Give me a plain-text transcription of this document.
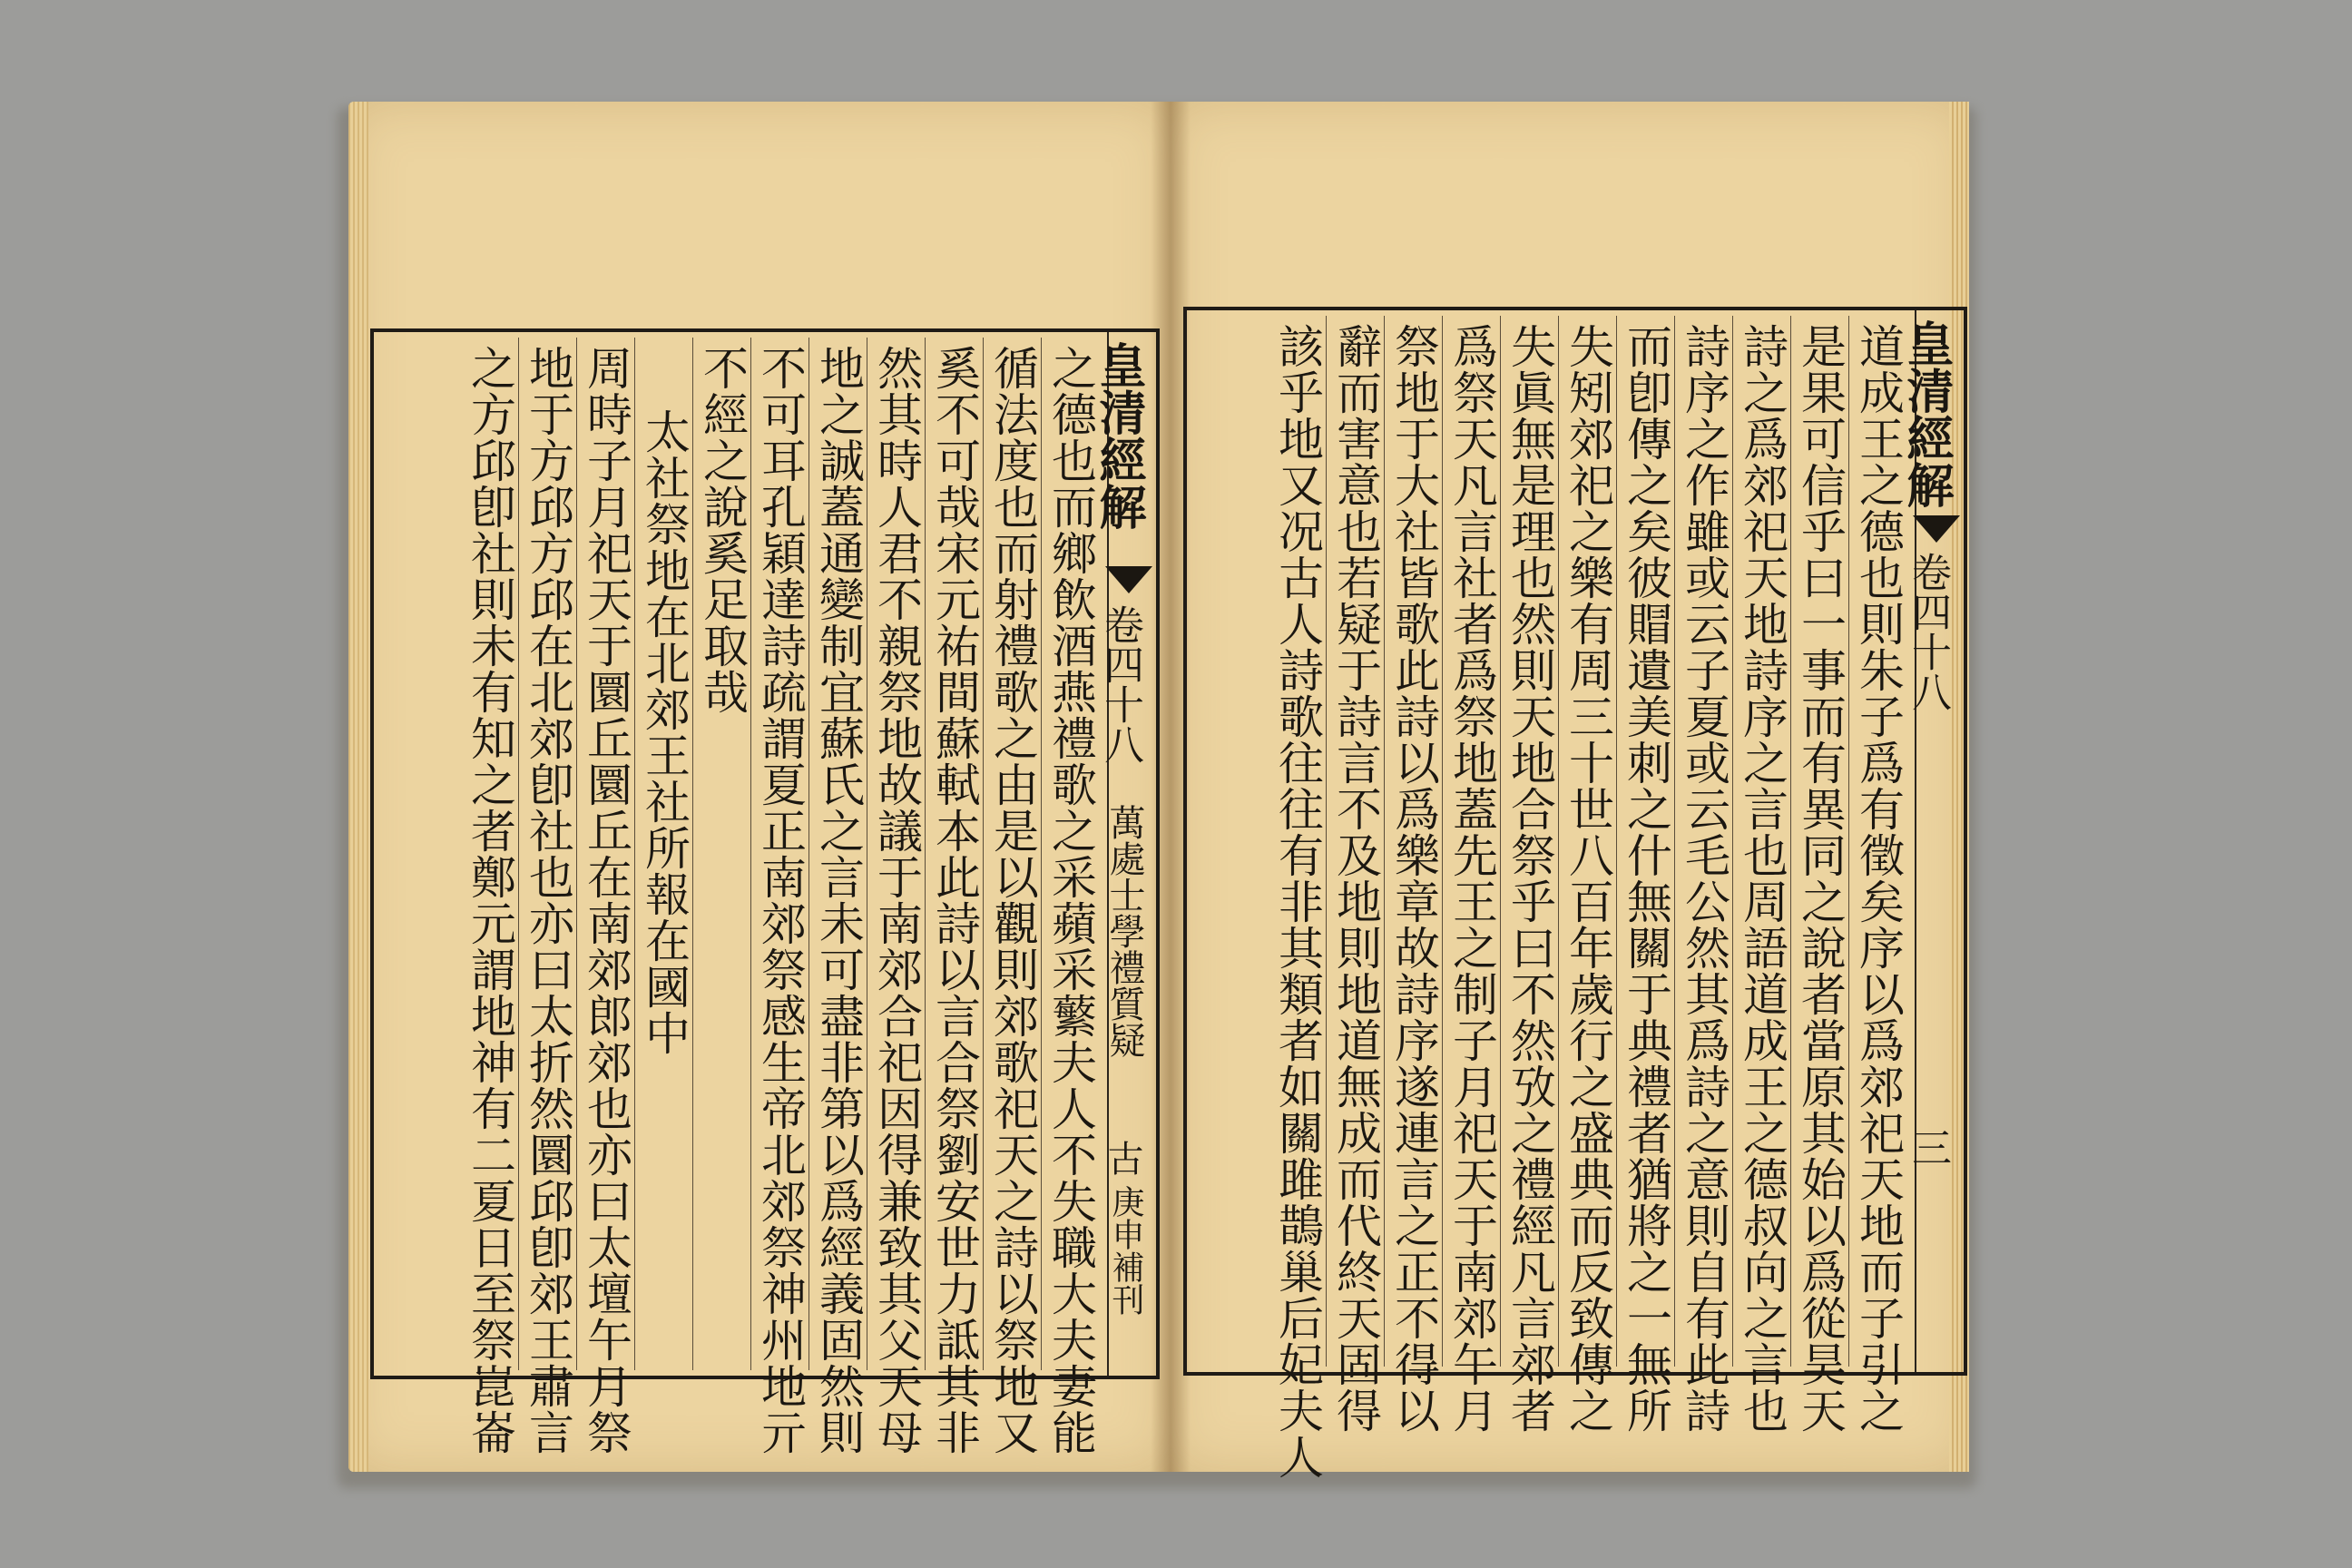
皇清經解
卷四十八
萬處士學禮質疑
古
庚申補刊
之德也而鄉飲酒燕禮歌之采蘋采蘩夫人不失職大夫妻能
循法度也而射禮歌之由是以觀則郊歌祀天之詩以祭地又
奚不可哉宋元祐間蘇軾本此詩以言合祭劉安世力詆其非
然其時人君不親祭地故議于南郊合祀因得兼致其父天母
地之誠蓋通變制宜蘇氏之言未可盡非第以爲經義固然則
不可耳孔穎達詩疏謂夏正南郊祭感生帝北郊祭神州地亓
不經之說奚足取哉
太社祭地在北郊王社所報在國中
周時子月祀天于圜丘圜丘在南郊郎郊也亦曰太壇午月祭
地于方邱方邱在北郊卽社也亦曰太折然圜邱卽郊王肅言
之方邱卽社則未有知之者鄭元謂地神有二夏日至祭崑崙	皇清經解
卷四十八
三
道成王之德也則朱子爲有徵矣序以爲郊祀天地而子引之
是果可信乎曰一事而有異同之說者當原其始以爲從昊天
詩之爲郊祀天地詩序之言也周語道成王之德叔向之言也
詩序之作雖或云子夏或云毛公然其爲詩之意則自有此詩
而卽傳之矣彼賵遺美刺之什無關于典禮者猶將之一無所
失矧郊祀之樂有周三十世八百年歲行之盛典而反致傳之
失眞無是理也然則天地合祭乎曰不然攷之禮經凡言郊者
爲祭天凡言社者爲祭地蓋先王之制子月祀天于南郊午月
祭地于大社皆歌此詩以爲樂章故詩序遂連言之正不得以
辭而害意也若疑于詩言不及地則地道無成而代終天固得
該乎地又况古人詩歌往往有非其類者如關雎鵲巢后妃夫人
